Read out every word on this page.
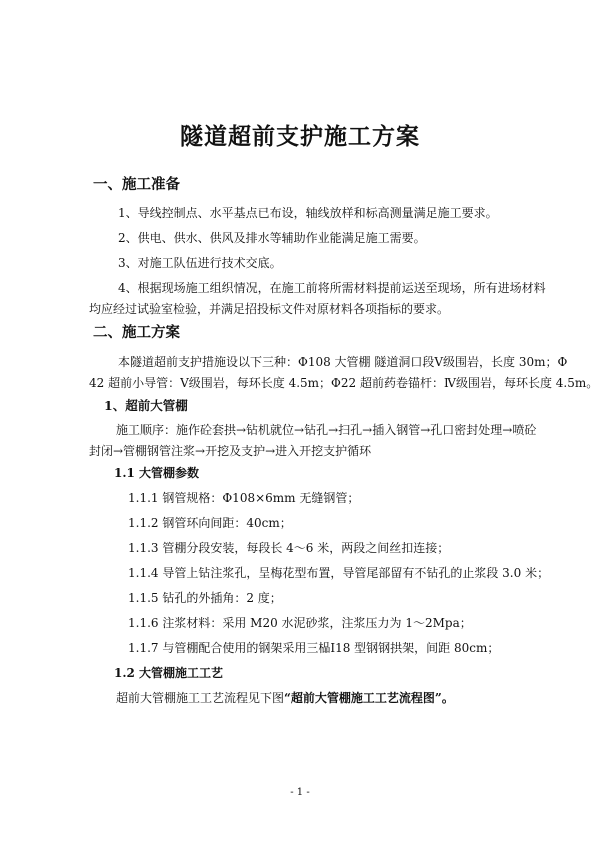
隧道超前支护施工方案
一、施工准备
1、导线控制点、水平基点已布设，轴线放样和标高测量满足施工要求。
2、供电、供水、供风及排水等辅助作业能满足施工需要。
3、对施工队伍进行技术交底。
4、根据现场施工组织情况，在施工前将所需材料提前运送至现场，所有进场材料
均应经过试验室检验，并满足招投标文件对原材料各项指标的要求。
二、施工方案
本隧道超前支护措施设以下三种：Φ108 大管棚 隧道洞口段Ⅴ级围岩，长度 30m；Φ
42 超前小导管：Ⅴ级围岩，每环长度 4.5m；Φ22 超前药卷锚杆：Ⅳ级围岩，每环长度 4.5m。
1、超前大管棚
施工顺序：施作砼套拱→钻机就位→钻孔→扫孔→插入钢管→孔口密封处理→喷砼
封闭→管棚钢管注浆→开挖及支护→进入开挖支护循环
1.1 大管棚参数
1.1.1 钢管规格：Φ108×6mm 无缝钢管；
1.1.2 钢管环向间距：40cm；
1.1.3 管棚分段安装，每段长 4～6 米，两段之间丝扣连接；
1.1.4 导管上钻注浆孔，呈梅花型布置，导管尾部留有不钻孔的止浆段 3.0 米；
1.1.5 钻孔的外插角：2 度；
1.1.6 注浆材料：采用 M20 水泥砂浆，注浆压力为 1～2Mpa；
1.1.7 与管棚配合使用的钢架采用三榀Ⅰ18 型钢钢拱架，间距 80cm；
1.2 大管棚施工工艺
超前大管棚施工工艺流程见下图“超前大管棚施工工艺流程图”。
- 1 -
